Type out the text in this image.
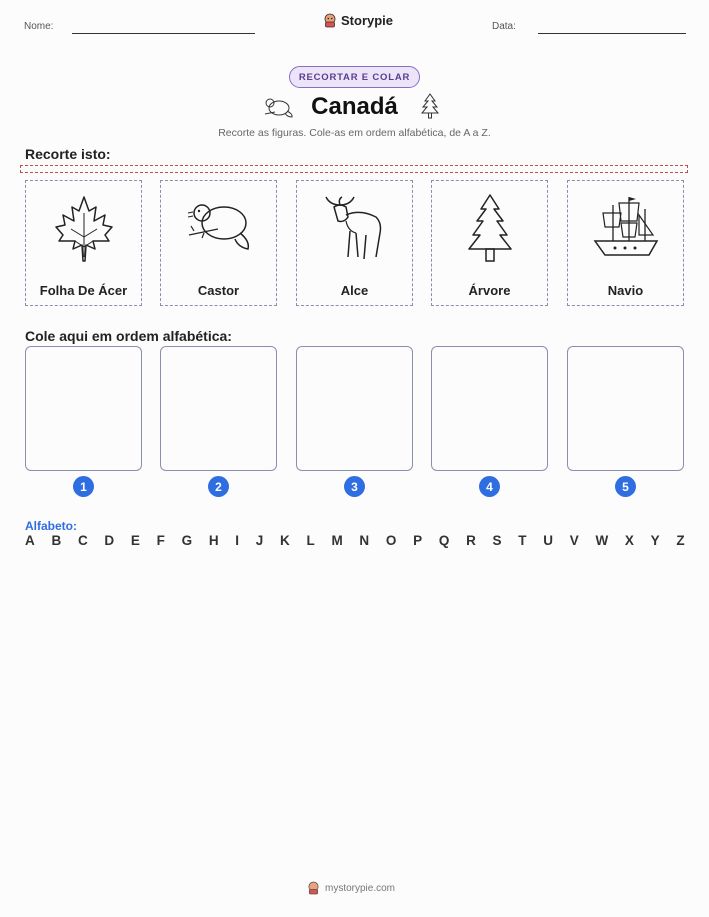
Nome:	Storypie	Data:
RECORTAR E COLAR
Canadá
Recorte as figuras. Cole-as em ordem alfabética, de A a Z.
Recorte isto:
Folha De Ácer	Castor	Alce	Árvore	Navio
Cole aqui em ordem alfabética:
1	2	3	4	5
Alfabeto:
A B C D E F G H I J K L M N O P Q R S T U V W X Y Z
mystorypie.com
